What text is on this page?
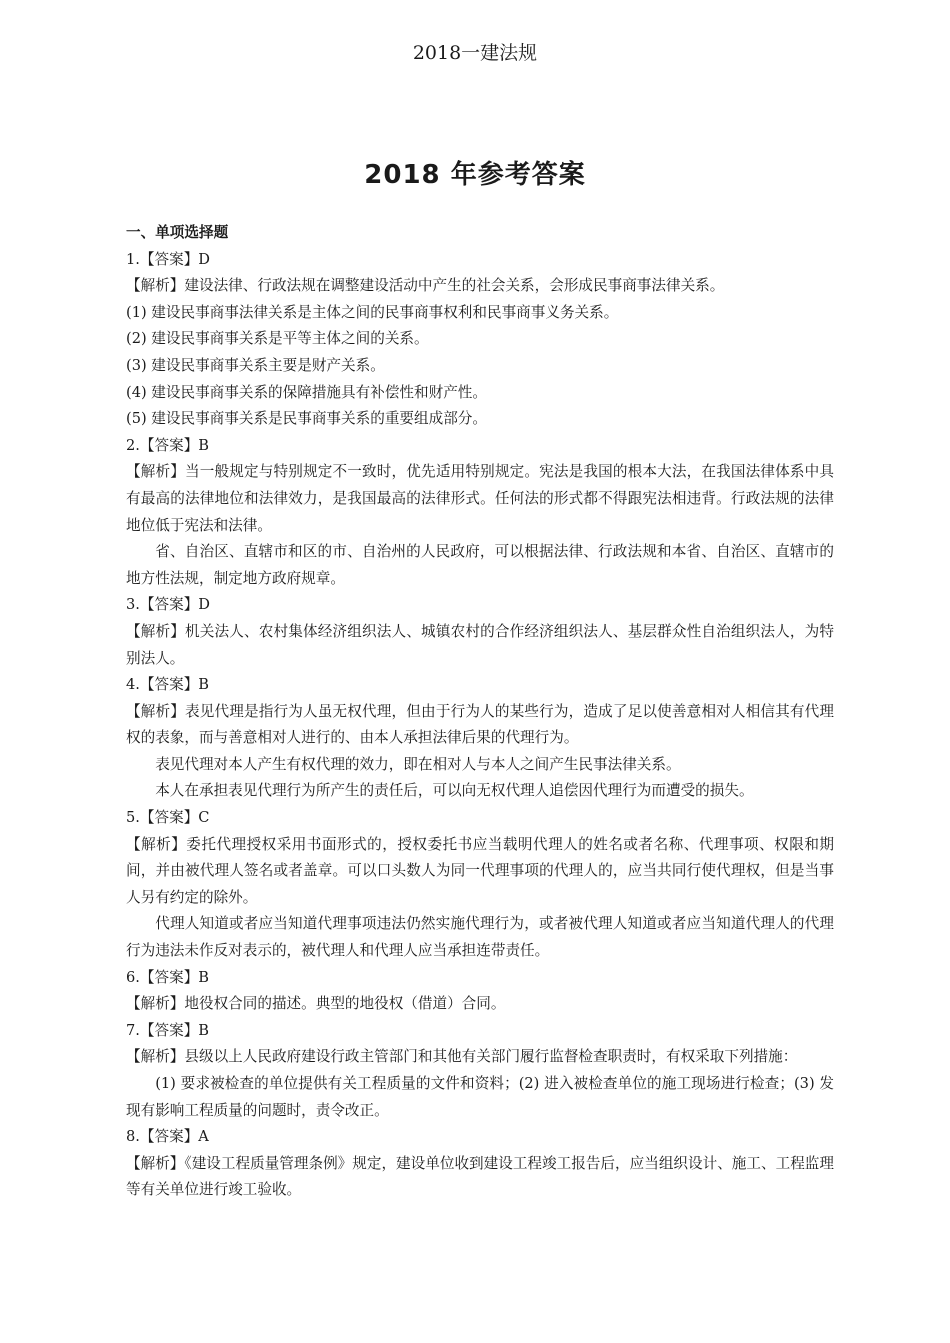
2018一建法规
2018 年参考答案

一、单项选择题

1.【答案】D

【解析】建设法律、行政法规在调整建设活动中产生的社会关系，会形成民事商事法律关系。

(1) 建设民事商事法律关系是主体之间的民事商事权利和民事商事义务关系。

(2) 建设民事商事关系是平等主体之间的关系。

(3) 建设民事商事关系主要是财产关系。

(4) 建设民事商事关系的保障措施具有补偿性和财产性。

(5) 建设民事商事关系是民事商事关系的重要组成部分。

2.【答案】B

【解析】当一般规定与特别规定不一致时，优先适用特别规定。宪法是我国的根本大法，在我国法律体系中具有最高的法律地位和法律效力，是我国最高的法律形式。任何法的形式都不得跟宪法相违背。行政法规的法律地位低于宪法和法律。

省、自治区、直辖市和区的市、自治州的人民政府，可以根据法律、行政法规和本省、自治区、直辖市的地方性法规，制定地方政府规章。

3.【答案】D

【解析】机关法人、农村集体经济组织法人、城镇农村的合作经济组织法人、基层群众性自治组织法人，为特别法人。

4.【答案】B

【解析】表见代理是指行为人虽无权代理，但由于行为人的某些行为，造成了足以使善意相对人相信其有代理权的表象，而与善意相对人进行的、由本人承担法律后果的代理行为。

表见代理对本人产生有权代理的效力，即在相对人与本人之间产生民事法律关系。

本人在承担表见代理行为所产生的责任后，可以向无权代理人追偿因代理行为而遭受的损失。

5.【答案】C

【解析】委托代理授权采用书面形式的，授权委托书应当载明代理人的姓名或者名称、代理事项、权限和期间，并由被代理人签名或者盖章。可以口头数人为同一代理事项的代理人的，应当共同行使代理权，但是当事人另有约定的除外。

代理人知道或者应当知道代理事项违法仍然实施代理行为，或者被代理人知道或者应当知道代理人的代理行为违法未作反对表示的，被代理人和代理人应当承担连带责任。

6.【答案】B

【解析】地役权合同的描述。典型的地役权（借道）合同。

7.【答案】B

【解析】县级以上人民政府建设行政主管部门和其他有关部门履行监督检查职责时，有权采取下列措施：

(1) 要求被检查的单位提供有关工程质量的文件和资料；(2) 进入被检查单位的施工现场进行检查；(3) 发现有影响工程质量的问题时，责令改正。

8.【答案】A

【解析】《建设工程质量管理条例》规定，建设单位收到建设工程竣工报告后，应当组织设计、施工、工程监理等有关单位进行竣工验收。
